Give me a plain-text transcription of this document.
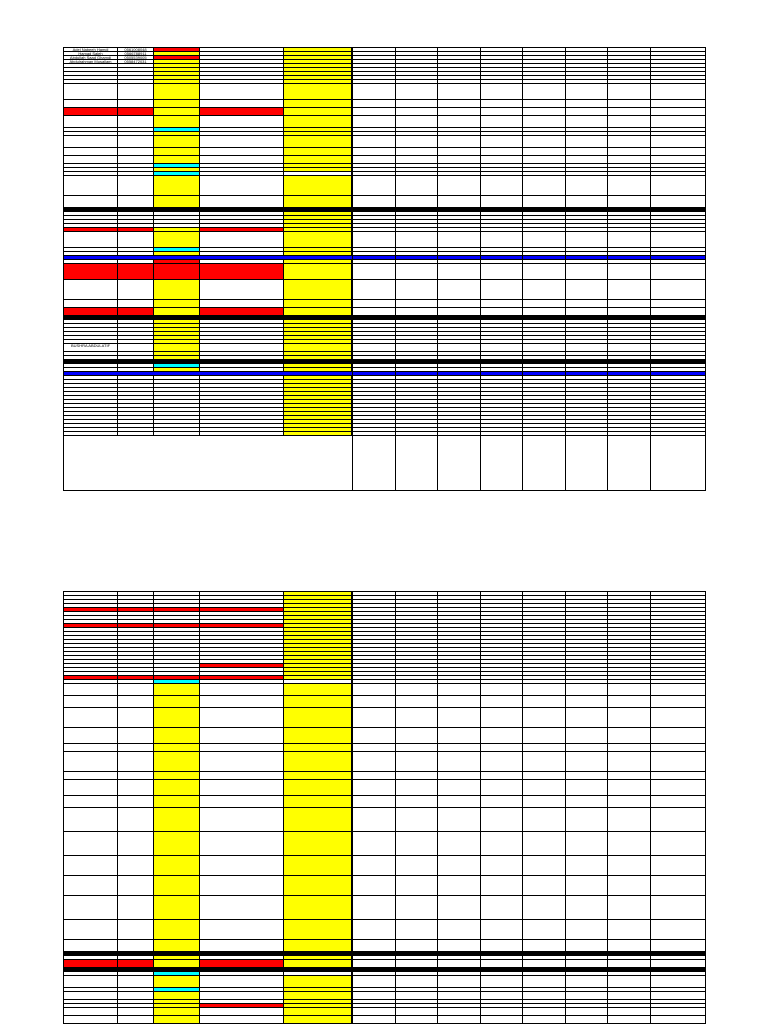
Adel Nabeeh Hamdi	0561008048
Hamad Saleh	0566788911
Abdullah Saad Ghamdi	0505539005
Abdulrahman Musallam	0558472031
BUSHRA ABDULATIF
